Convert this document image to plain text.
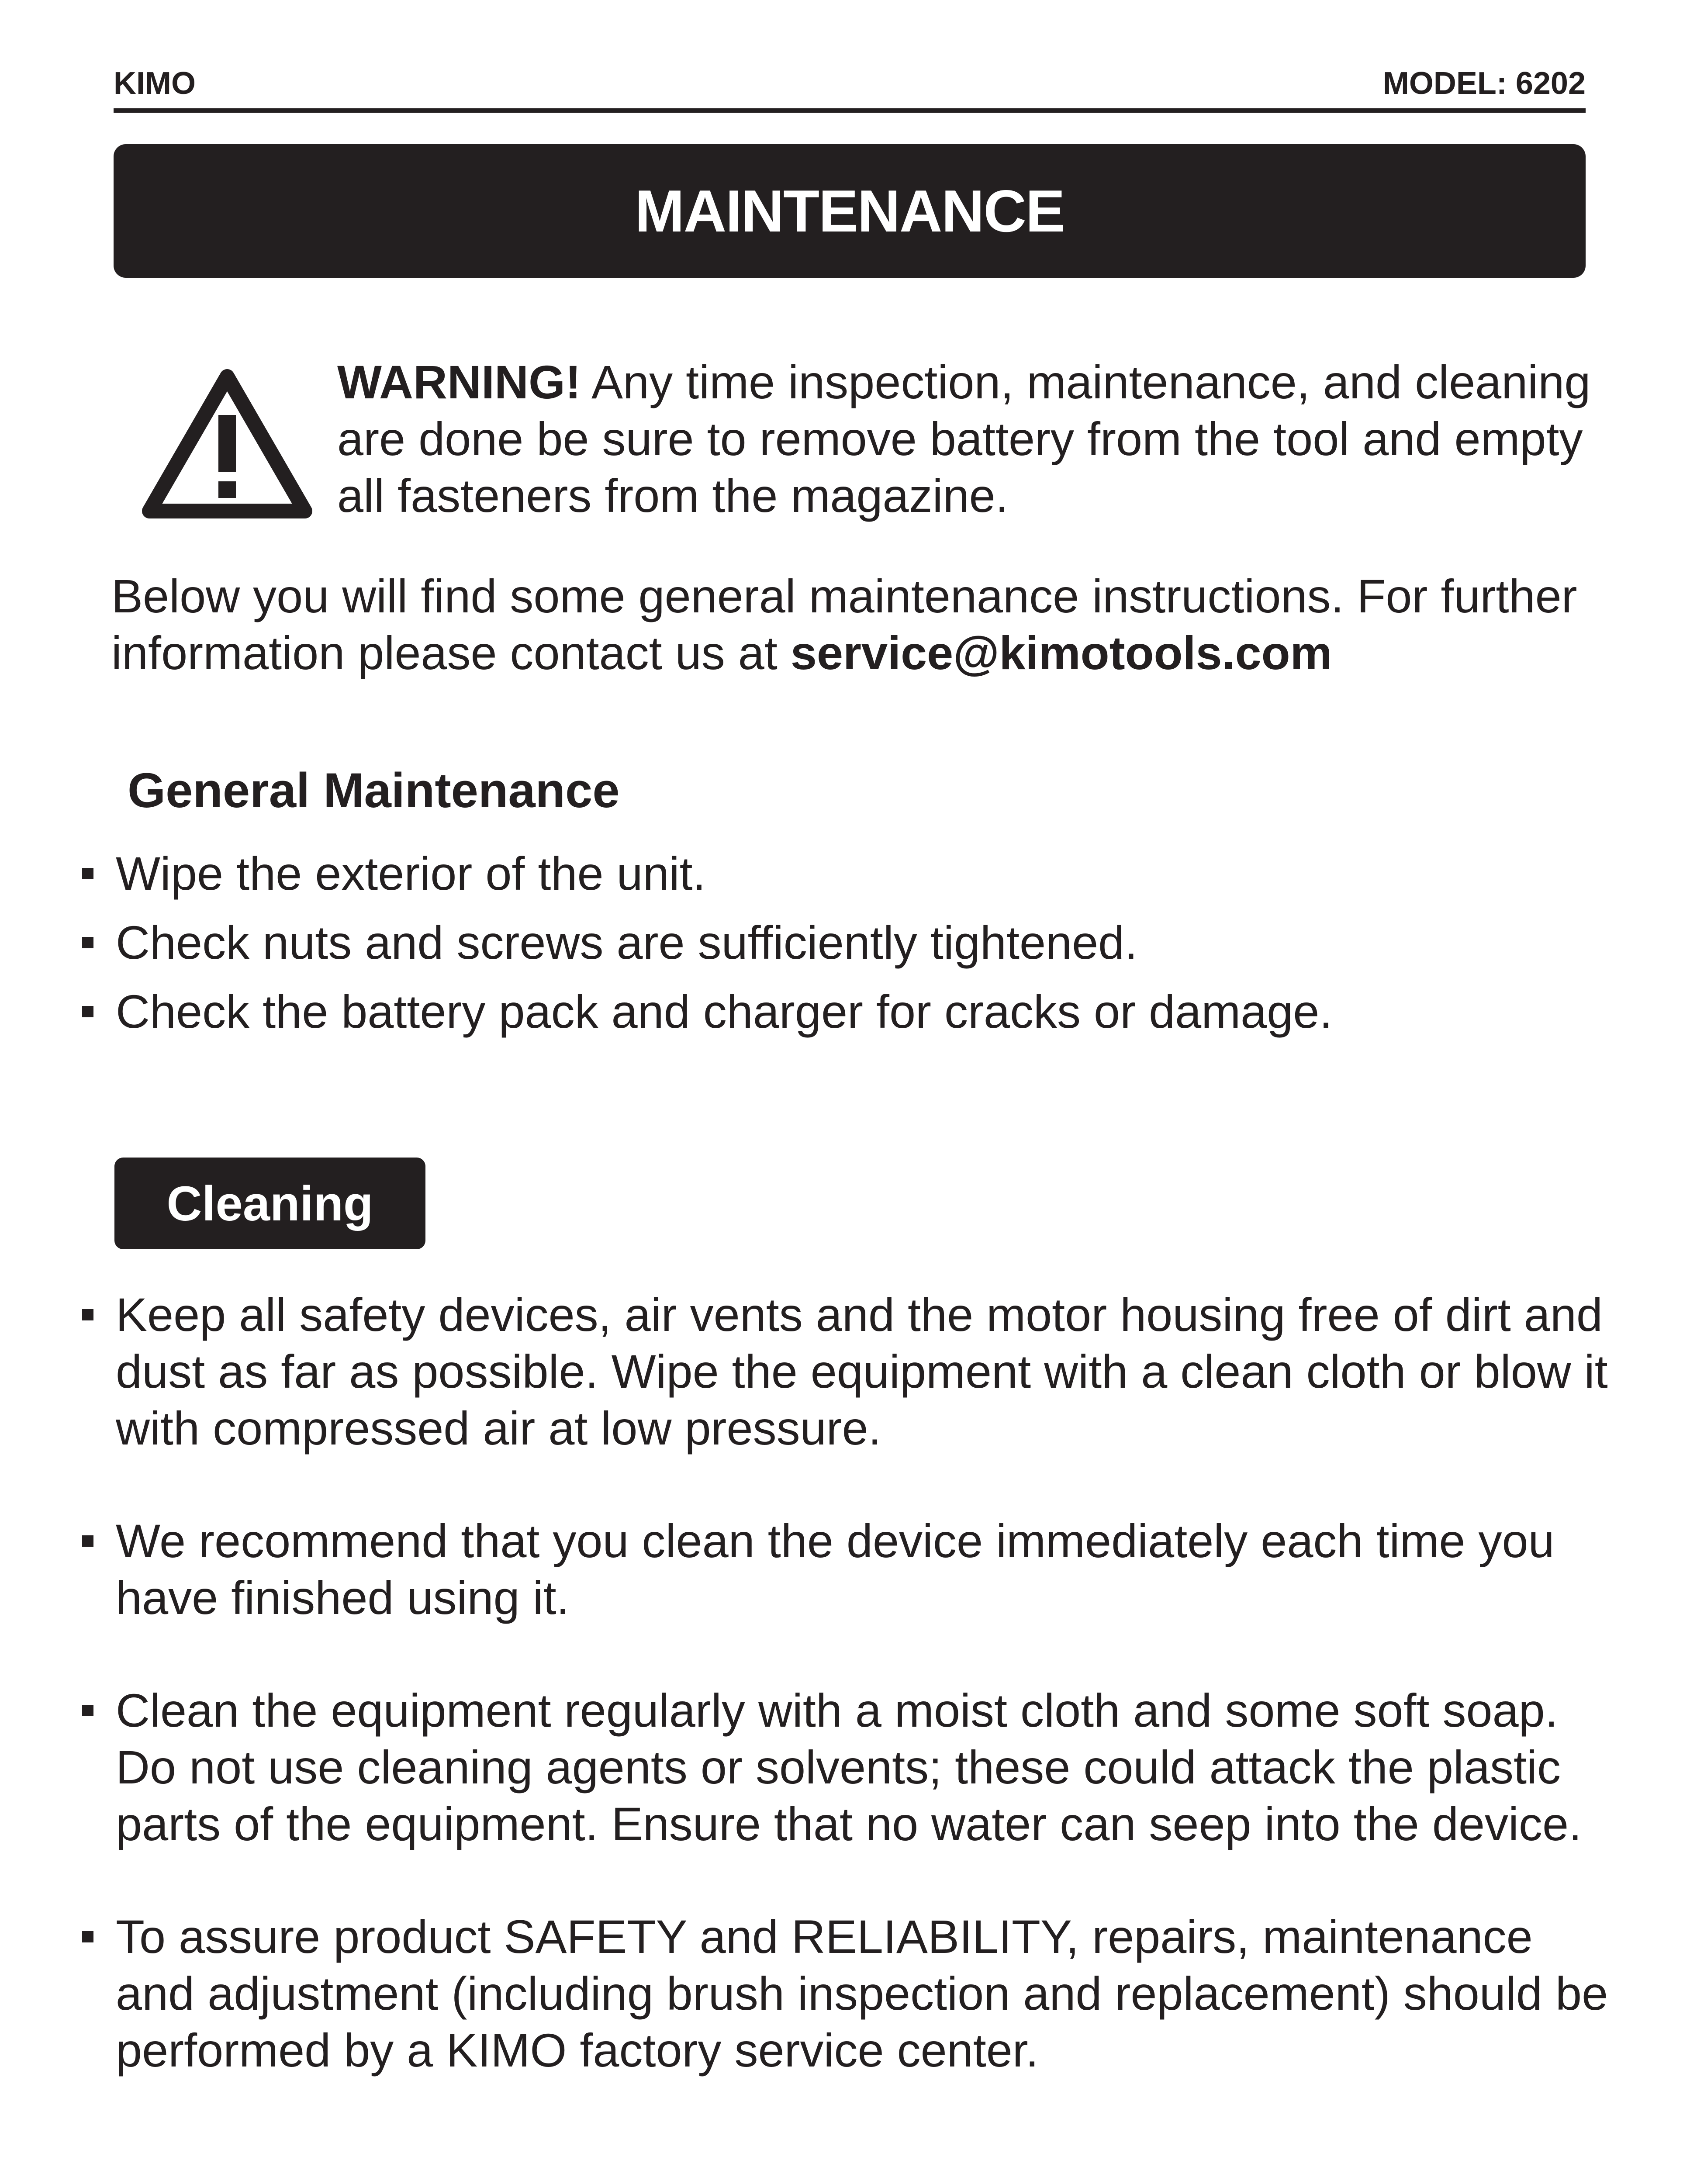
KIMO	MODEL: 6202
MAINTENANCE
WARNING! Any time inspection, maintenance, and cleaning are done be sure to remove battery from the tool and empty all fasteners from the magazine.
Below you will find some general maintenance instructions. For further information please contact us at service@kimotools.com
General Maintenance
Wipe the exterior of the unit.
Check nuts and screws are sufficiently tightened.
Check the battery pack and charger for cracks or damage.
Cleaning
Keep all safety devices, air vents and the motor housing free of dirt and dust as far as possible. Wipe the equipment with a clean cloth or blow it with compressed air at low pressure.
We recommend that you clean the device immediately each time you have finished using it.
Clean the equipment regularly with a moist cloth and some soft soap. Do not use cleaning agents or solvents; these could attack the plastic parts of the equipment. Ensure that no water can seep into the device.
To assure product SAFETY and RELIABILITY, repairs, maintenance and adjustment (including brush inspection and replacement) should be performed by a KIMO factory service center.
